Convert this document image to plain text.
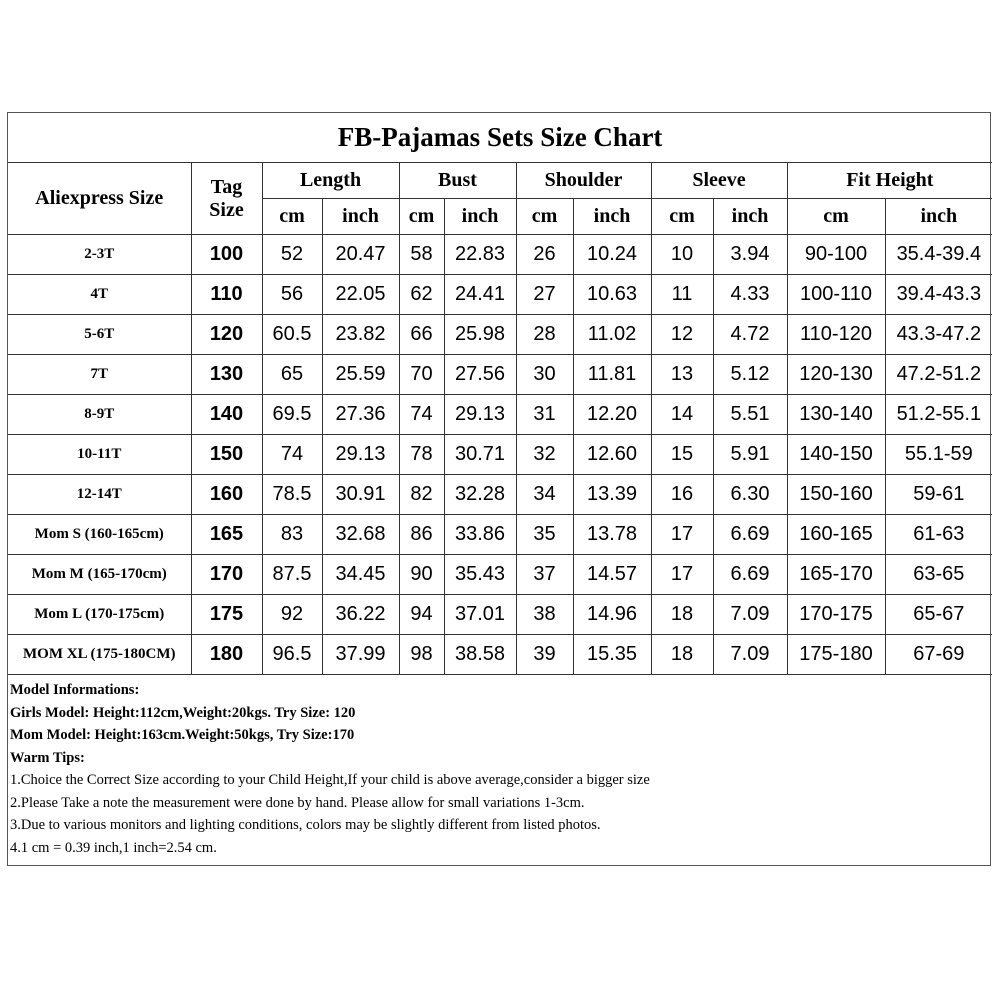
FB-Pajamas Sets Size Chart											
Aliexpress Size	Tag
Size	Length		Bust		Shoulder		Sleeve		Fit Height	
		cm	inch	cm	inch	cm	inch	cm	inch	cm	inch
2-3T	100	52	20.47	58	22.83	26	10.24	10	3.94	90-100	35.4-39.4
4T	110	56	22.05	62	24.41	27	10.63	11	4.33	100-110	39.4-43.3
5-6T	120	60.5	23.82	66	25.98	28	11.02	12	4.72	110-120	43.3-47.2
7T	130	65	25.59	70	27.56	30	11.81	13	5.12	120-130	47.2-51.2
8-9T	140	69.5	27.36	74	29.13	31	12.20	14	5.51	130-140	51.2-55.1
10-11T	150	74	29.13	78	30.71	32	12.60	15	5.91	140-150	55.1-59
12-14T	160	78.5	30.91	82	32.28	34	13.39	16	6.30	150-160	59-61
Mom S (160-165cm)	165	83	32.68	86	33.86	35	13.78	17	6.69	160-165	61-63
Mom M (165-170cm)	170	87.5	34.45	90	35.43	37	14.57	17	6.69	165-170	63-65
Mom L (170-175cm)	175	92	36.22	94	37.01	38	14.96	18	7.09	170-175	65-67
MOM XL (175-180CM)	180	96.5	37.99	98	38.58	39	15.35	18	7.09	175-180	67-69
Model Informations:
Girls Model: Height:112cm,Weight:20kgs. Try Size: 120
Mom Model: Height:163cm.Weight:50kgs, Try Size:170
Warm Tips:
1.Choice the Correct Size according to your Child Height,If your child is above average,consider a bigger size
2.Please Take a note the measurement were done by hand. Please allow for small variations 1-3cm.
3.Due to various monitors and lighting conditions, colors may be slightly different from listed photos.
4.1 cm = 0.39 inch,1 inch=2.54 cm.
